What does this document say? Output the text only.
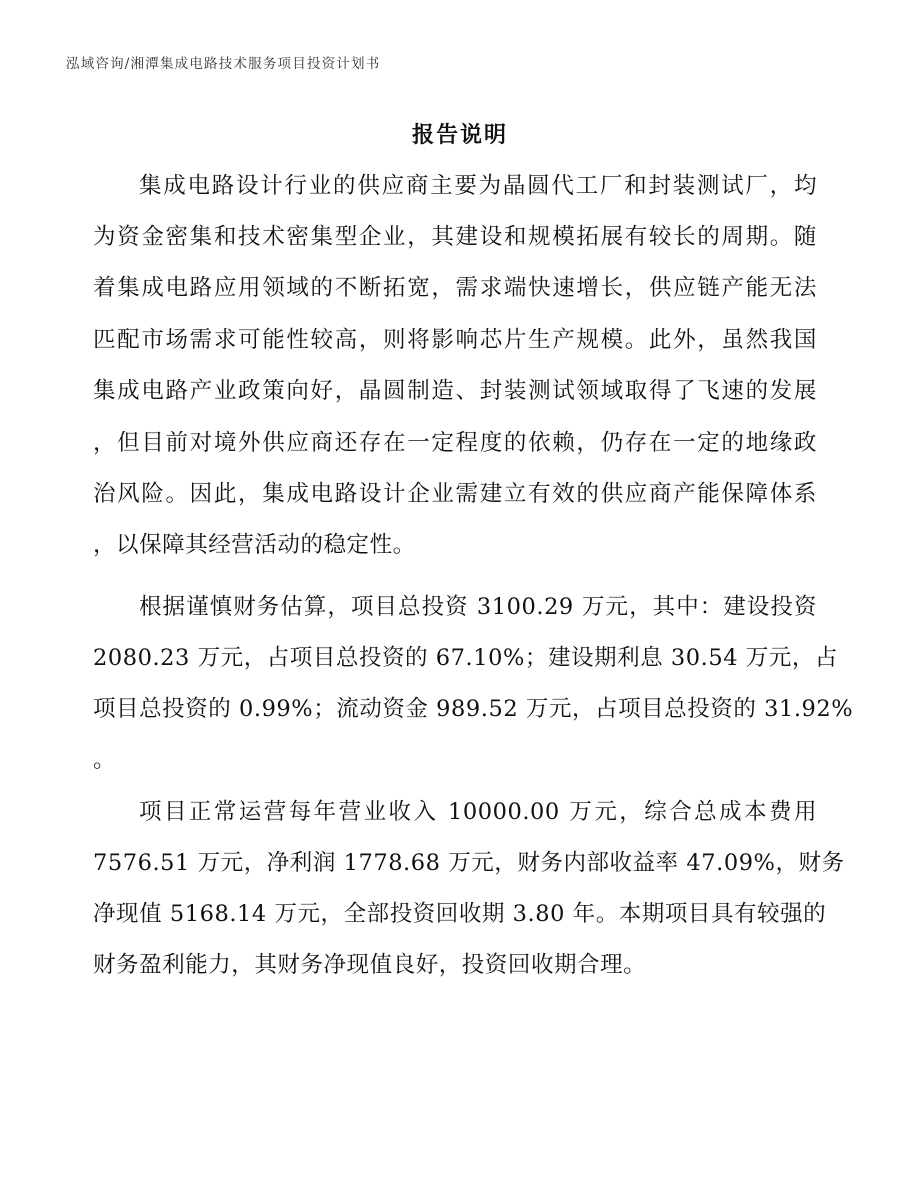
泓域咨询/湘潭集成电路技术服务项目投资计划书
报告说明
集成电路设计行业的供应商主要为晶圆代工厂和封装测试厂，均
为资金密集和技术密集型企业，其建设和规模拓展有较长的周期。随
着集成电路应用领域的不断拓宽，需求端快速增长，供应链产能无法
匹配市场需求可能性较高，则将影响芯片生产规模。此外，虽然我国
集成电路产业政策向好，晶圆制造、封装测试领域取得了飞速的发展
，但目前对境外供应商还存在一定程度的依赖，仍存在一定的地缘政
治风险。因此，集成电路设计企业需建立有效的供应商产能保障体系
，以保障其经营活动的稳定性。
根据谨慎财务估算，项目总投资 3100.29 万元，其中：建设投资
2080.23 万元，占项目总投资的 67.10%；建设期利息 30.54 万元，占
项目总投资的 0.99%；流动资金 989.52 万元，占项目总投资的 31.92%
。
项目正常运营每年营业收入 10000.00 万元，综合总成本费用
7576.51 万元，净利润 1778.68 万元，财务内部收益率 47.09%，财务
净现值 5168.14 万元，全部投资回收期 3.80 年。本期项目具有较强的
财务盈利能力，其财务净现值良好，投资回收期合理。
